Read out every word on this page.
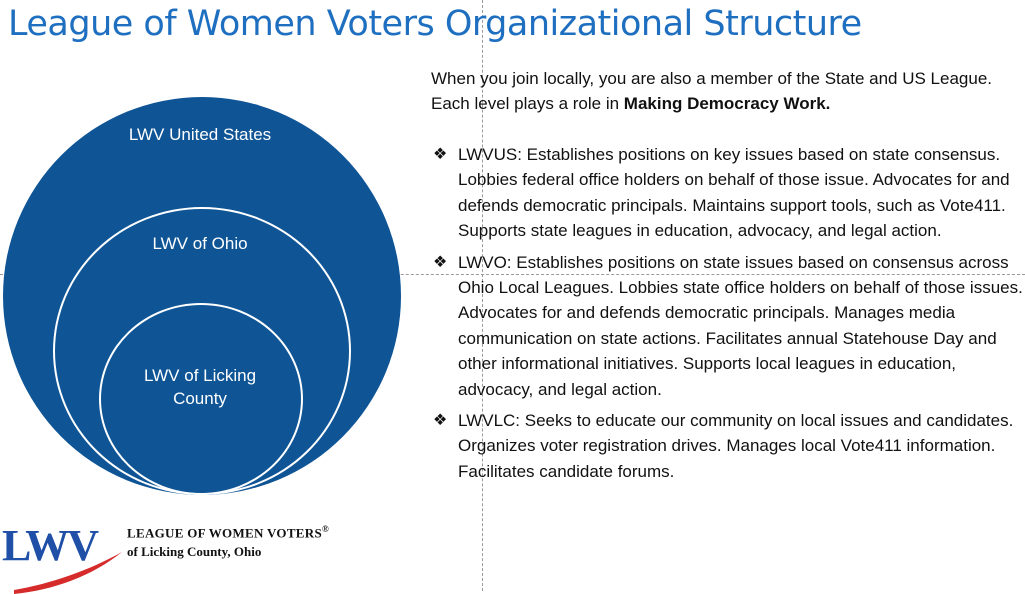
League of Women Voters Organizational Structure
LWV United States
LWV of Ohio
LWV of Licking County

When you join locally, you are also a member of the State and US League. Each level plays a role in Making Democracy Work.

❖ LWVUS: Establishes positions on key issues based on state consensus. Lobbies federal office holders on behalf of those issue. Advocates for and defends democratic principals. Maintains support tools, such as Vote411. Supports state leagues in education, advocacy, and legal action.
❖ LWVO: Establishes positions on state issues based on consensus across Ohio Local Leagues. Lobbies state office holders on behalf of those issues. Advocates for and defends democratic principals. Manages media communication on state actions. Facilitates annual Statehouse Day and other informational initiatives. Supports local leagues in education, advocacy, and legal action.
❖ LWVLC: Seeks to educate our community on local issues and candidates. Organizes voter registration drives. Manages local Vote411 information. Facilitates candidate forums.
LWV LEAGUE OF WOMEN VOTERS®
of Licking County, Ohio
